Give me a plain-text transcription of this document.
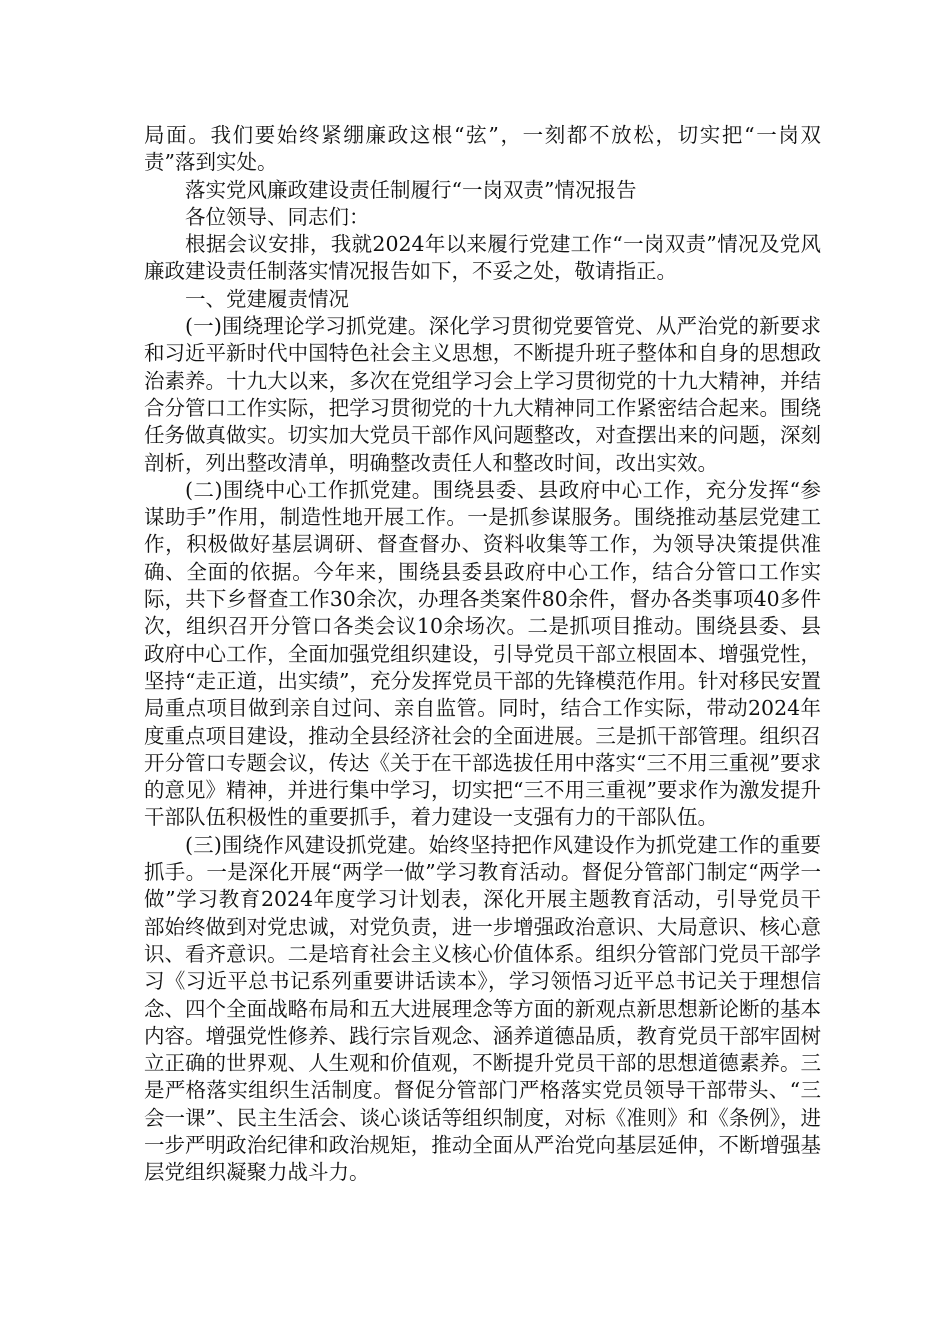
局面。我们要始终紧绷廉政这根“弦”，一刻都不放松，切实把“一岗双责”落到实处。

落实党风廉政建设责任制履行“一岗双责”情况报告

各位领导、同志们：

根据会议安排，我就2024年以来履行党建工作“一岗双责”情况及党风廉政建设责任制落实情况报告如下，不妥之处，敬请指正。

一、党建履责情况

(一)围绕理论学习抓党建。深化学习贯彻党要管党、从严治党的新要求和习近平新时代中国特色社会主义思想，不断提升班子整体和自身的思想政治素养。十九大以来，多次在党组学习会上学习贯彻党的十九大精神，并结合分管口工作实际，把学习贯彻党的十九大精神同工作紧密结合起来。围绕任务做真做实。切实加大党员干部作风问题整改，对查摆出来的问题，深刻剖析，列出整改清单，明确整改责任人和整改时间，改出实效。

(二)围绕中心工作抓党建。围绕县委、县政府中心工作，充分发挥“参谋助手”作用，制造性地开展工作。一是抓参谋服务。围绕推动基层党建工作，积极做好基层调研、督查督办、资料收集等工作，为领导决策提供准确、全面的依据。今年来，围绕县委县政府中心工作，结合分管口工作实际，共下乡督查工作30余次，办理各类案件80余件，督办各类事项40多件次，组织召开分管口各类会议10余场次。二是抓项目推动。围绕县委、县政府中心工作，全面加强党组织建设，引导党员干部立根固本、增强党性，坚持“走正道，出实绩”，充分发挥党员干部的先锋模范作用。针对移民安置局重点项目做到亲自过问、亲自监管。同时，结合工作实际，带动2024年度重点项目建设，推动全县经济社会的全面进展。三是抓干部管理。组织召开分管口专题会议，传达《关于在干部选拔任用中落实“三不用三重视”要求的意见》精神，并进行集中学习，切实把“三不用三重视”要求作为激发提升干部队伍积极性的重要抓手，着力建设一支强有力的干部队伍。

(三)围绕作风建设抓党建。始终坚持把作风建设作为抓党建工作的重要抓手。一是深化开展“两学一做”学习教育活动。督促分管部门制定“两学一做”学习教育2024年度学习计划表，深化开展主题教育活动，引导党员干部始终做到对党忠诚，对党负责，进一步增强政治意识、大局意识、核心意识、看齐意识。二是培育社会主义核心价值体系。组织分管部门党员干部学习《习近平总书记系列重要讲话读本》，学习领悟习近平总书记关于理想信念、四个全面战略布局和五大进展理念等方面的新观点新思想新论断的基本内容。增强党性修养、践行宗旨观念、涵养道德品质，教育党员干部牢固树立正确的世界观、人生观和价值观，不断提升党员干部的思想道德素养。三是严格落实组织生活制度。督促分管部门严格落实党员领导干部带头、“三会一课”、民主生活会、谈心谈话等组织制度，对标《准则》和《条例》，进一步严明政治纪律和政治规矩，推动全面从严治党向基层延伸，不断增强基层党组织凝聚力战斗力。
